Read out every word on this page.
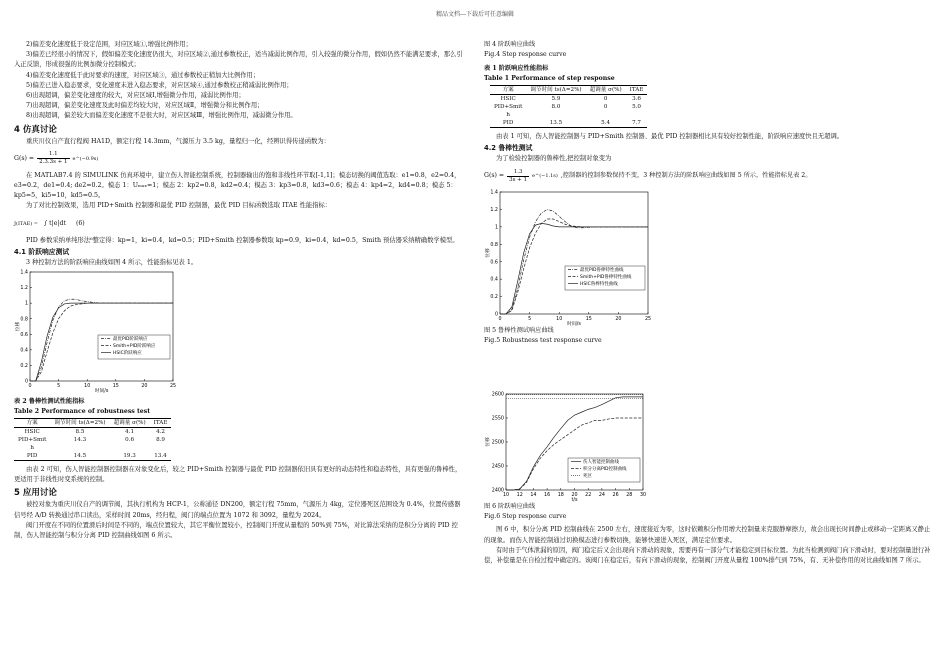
精品文档---下载后可任意编辑

2)偏差变化速度低于设定范围，对应区域①,增强比例作用；

3)偏差已经很小的情况下，假如偏差变化速度仍很大，对应区域②,通过参数校正，适当减弱比例作用，引入较强的微分作用，假如仍然不能满足要求，那么引入正反馈，形成很强的比例加微分控制模式；

4)偏差变化速度低于此时要求的速度，对应区域③，通过参数校正稍加大比例作用；

5)偏差已进入稳态要求，变化速度未进入稳态要求，对应区域④,通过参数校正稍减弱比例作用；

6)出现超调，偏差变化速度的较大，对应区域Ⅰ,增强微分作用，减弱比例作用；

7)出现超调，偏差变化速度及此时偏差均较大时，对应区域Ⅱ，增强微分和比例作用；

8)出现超调，偏差较大而偏差变化速度不是很大时，对应区域Ⅲ，增强比例作用，减弱微分作用。

4 仿真讨论

重庆川仪自产直行程阀 HA1D，额定行程 14.3mm，气源压力 3.5 kg，量程归一化，经辨识得传递函数为：

$G(s) = \frac{1.1}{2.3.3s + 1}$ e^(−0.9s)

在 MATLAB7.4 的 SIMULINK 仿真环境中，建立伤人智能控制系统，控制器输出的饱和非线性环节取[-1,1]；模态切换的阈值选取：e1=0.8，e2=0.4，e3=0.2，de1=0.4; de2=0.2。模态 1：Uₘₐₓ=1；模态 2：kp2=0.8，kd2=0.4；模态 3：kp3=0.8，kd3=0.6；模态 4：kp4=2，kd4=0.8；模态 5：kp5=5，ki5=10，kd5=0.5。

为了对比控制效果，选用 PID+Smith 控制器和最优 PID 控制器，最优 PID 目标函数选取 ITAE 性能指标：

J(ITAE) = ∫ t|e|dt (6)

PID 参数采纳单纯形法⁶整定得：kp=1，ki=0.4，kd=0.5；PID+Smith 控制器参数取 kp=0.9，ki=0.4，kd=0.5，Smith 预估器采纳精确数学模型。

4.1 阶跃响应测试

3 种控制方法的阶跃响应曲线如图 4 所示，性能指标见表 1。

0	5	10	15	20	25
0
0.2
0.4
0.6
0.8
1
1.2
1.4
时间/s
位移
最优PID阶跃响应
Smith+PID阶跃响应
HSIC阶跃响应

表 2 鲁棒性测试性能指标

Table 2 Performance of robustness test

方案	调节时间 ts(Δ=2%)	超调量 σ(%)	ITAE
HSIC	8.5	4.1	4.2
PID+Smit h	14.3	0.6	8.9
PID	14.5	19.3	13.4

由表 2 可知，伤人智能控制器控制器在对象变化后，较之 PID+Smith 控制器与最优 PID 控制器依旧具有更好的动态特性和稳态特性，具有更强的鲁棒性，更适用于非线性时变系统的控制。

5 应用讨论

被控对象为重庆川仪自产的调节阀，其执行机构为 HCP-1，公称通径 DN200，额定行程 75mm，气源压力 4kg，定位器死区范围设为 0.4%，位置传感器信号经 A/D 转换通过串口读出，采样时间 20ms，经归程，阀门的端点位置为 1072 和 3092，量程为 2024。

阀门开度在不同的位置滑后时间是不同的，端点位置较大，其它平衡位置较小，控制阀门开度从量程的 50%到 75%，对比算法采纳的是积分分离的 PID 控制，伤人智能控制与积分分离 PID 控制曲线如图 6 所示。

图 4 阶跃响应曲线

Fig.4 Step response curve

表 1 阶跃响应性能指标

Table 1 Performance of step response

方案	调节时间 ts(Δ=2%)	超调量 σ(%)	ITAE
HSIC	5.9	0	3.6
PID+Smit h	8.0	0	5.0
PID	13.5	5.4	7.7

由表 1 可知，伤人智能控制器与 PID+Smith 控制器、最优 PID 控制器相比具有较好控制性能，阶跃响应速度快且无超调。

4.2 鲁棒性测试

为了检验控制器的鲁棒性,把控制对象变为

$G(s) = \frac{1.3}{3s + 1}$ e^(−1.1s) ,控制器的控制参数保持不变，3 种控制方法的阶跃响应曲线如图 5 所示，性能指标见表 2。
0	5	10	15	20	25
0
0.2
0.4
0.6
0.8
1
1.2
1.4
时间/s
位移
最优PID鲁棒特性曲线
Smith+PID鲁棒特性曲线
HSIC鲁棒特性曲线

图 5 鲁棒性测试响应曲线

Fig.5 Robustness test response curve

10 12 14 16 18 20 22 24 26 28 30
2400
2450
2500
2550
2600
t/s
位移
伤人智能控制曲线
积分分离PID控制曲线
死区

图 6 阶跃响应曲线

Fig.6 Step response curve

图 6 中，积分分离 PID 控制曲线在 2500 左右，速度接近为零，这时依赖积分作用增大控制量来克服静摩擦力，故会出现长时间静止或移动一定距离又静止的现象。而伤人智能控制通过切换模态进行参数切换，能够快速进入死区，满足定位要求。

有时由于气体泄漏的原因，阀门稳定后又会出现向下滑动的现象，需要再有一部分气才能稳定到目标位置。为此当检测到阀门向下滑动时，要对控制量进行补偿，补偿量是在自检过程中确定的。该阀门在稳定后，有向下滑动的现象，控制阀门开度从量程 100%排气到 75%，有、无补偿作用的对比曲线如图 7 所示。
